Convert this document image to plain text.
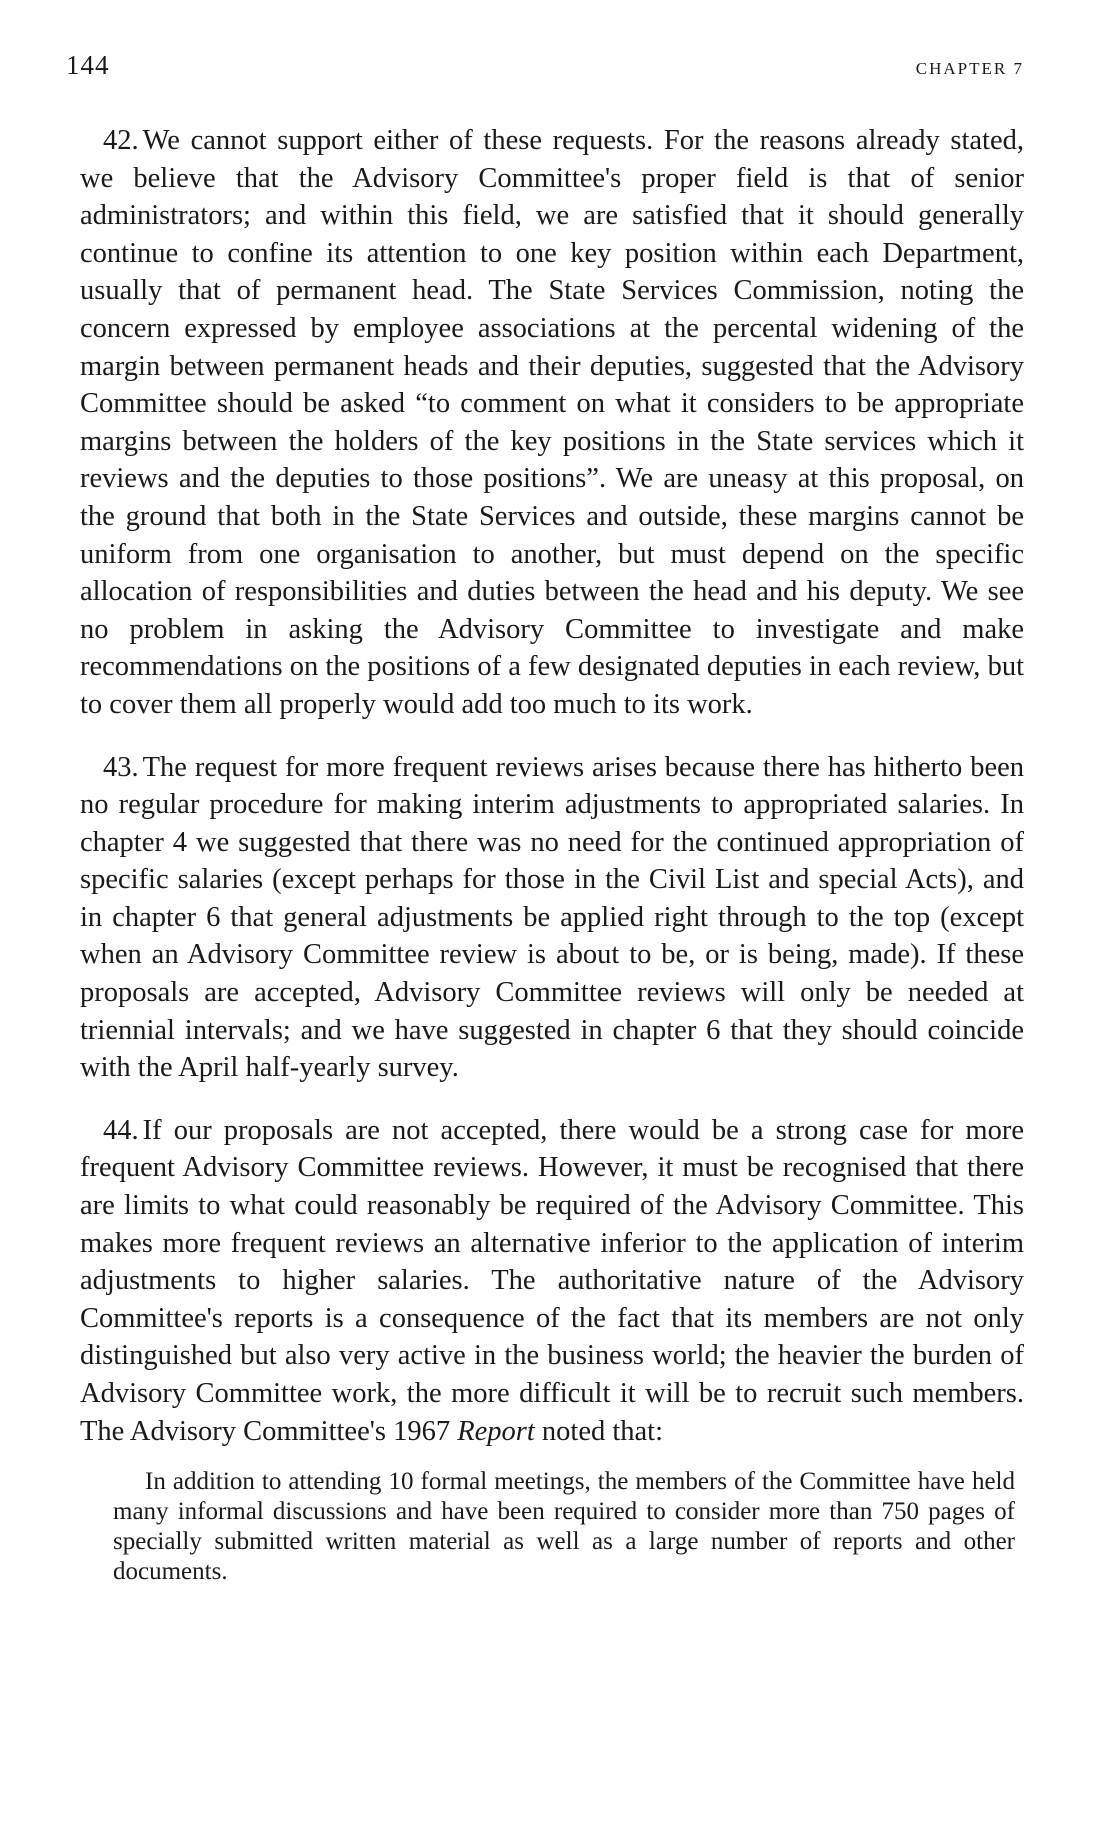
144	CHAPTER 7

42. We cannot support either of these requests. For the reasons already stated, we believe that the Advisory Committee's proper field is that of senior administrators; and within this field, we are satisfied that it should generally continue to confine its attention to one key position within each Department, usually that of permanent head. The State Services Commission, noting the concern expressed by employee associations at the percental widening of the margin between permanent heads and their deputies, suggested that the Advisory Committee should be asked “to comment on what it considers to be appropriate margins between the holders of the key positions in the State services which it reviews and the deputies to those positions”. We are uneasy at this proposal, on the ground that both in the State Services and outside, these margins cannot be uniform from one organisation to another, but must depend on the specific allocation of responsibilities and duties between the head and his deputy. We see no problem in asking the Advisory Committee to investigate and make recommendations on the positions of a few designated deputies in each review, but to cover them all properly would add too much to its work.

43. The request for more frequent reviews arises because there has hitherto been no regular procedure for making interim adjustments to appropriated salaries. In chapter 4 we suggested that there was no need for the continued appropriation of specific salaries (except perhaps for those in the Civil List and special Acts), and in chapter 6 that general adjustments be applied right through to the top (except when an Advisory Committee review is about to be, or is being, made). If these proposals are accepted, Advisory Committee reviews will only be needed at triennial intervals; and we have suggested in chapter 6 that they should coincide with the April half-yearly survey.

44. If our proposals are not accepted, there would be a strong case for more frequent Advisory Committee reviews. However, it must be recognised that there are limits to what could reasonably be required of the Advisory Committee. This makes more frequent reviews an alternative inferior to the application of interim adjustments to higher salaries. The authoritative nature of the Advisory Committee's reports is a consequence of the fact that its members are not only distinguished but also very active in the business world; the heavier the burden of Advisory Committee work, the more difficult it will be to recruit such members. The Advisory Committee's 1967 Report noted that:

In addition to attending 10 formal meetings, the members of the Committee have held many informal discussions and have been required to consider more than 750 pages of specially submitted written material as well as a large number of reports and other documents.
